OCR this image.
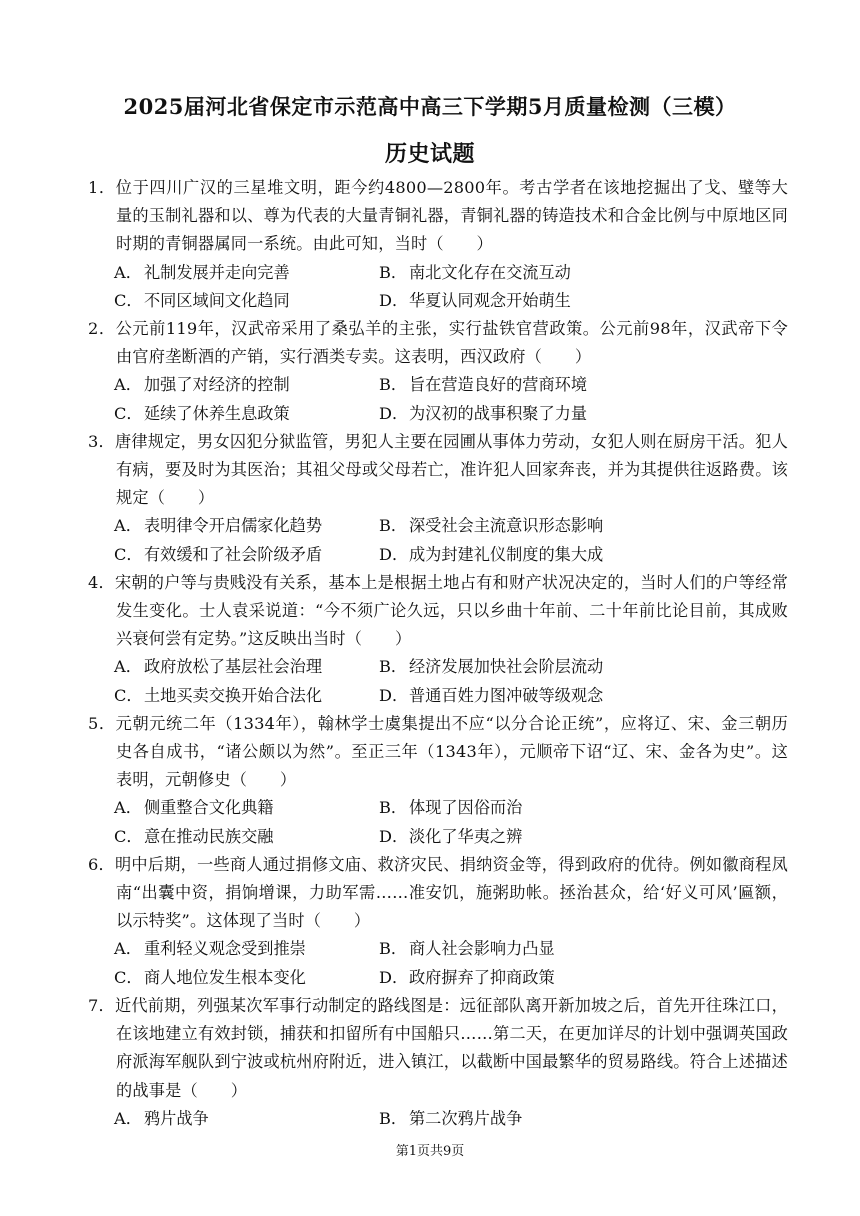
2025届河北省保定市示范高中高三下学期5月质量检测（三模）
历史试题
1．位于四川广汉的三星堆文明，距今约4800—2800年。考古学者在该地挖掘出了戈、璧等大量的玉制礼器和以、尊为代表的大量青铜礼器，青铜礼器的铸造技术和合金比例与中原地区同时期的青铜器属同一系统。由此可知，当时（　　）
A． 礼制发展并走向完善	B． 南北文化存在交流互动
C．不同区域间文化趋同	D．华夏认同观念开始萌生
2．公元前119年，汉武帝采用了桑弘羊的主张，实行盐铁官营政策。公元前98年，汉武帝下令由官府垄断酒的产销，实行酒类专卖。这表明，西汉政府（　　）
A． 加强了对经济的控制	B． 旨在营造良好的营商环境
C．延续了休养生息政策	D．为汉初的战事积聚了力量
3．唐律规定，男女囚犯分狱监管，男犯人主要在园圃从事体力劳动，女犯人则在厨房干活。犯人有病，要及时为其医治；其祖父母或父母若亡，准许犯人回家奔丧，并为其提供往返路费。该规定（　　）
A． 表明律令开启儒家化趋势	B． 深受社会主流意识形态影响
C．有效缓和了社会阶级矛盾	D．成为封建礼仪制度的集大成
4．宋朝的户等与贵贱没有关系，基本上是根据土地占有和财产状况决定的，当时人们的户等经常发生变化。士人袁采说道：“今不须广论久远，只以乡曲十年前、二十年前比论目前，其成败兴衰何尝有定势。”这反映出当时（　　）
A． 政府放松了基层社会治理	B． 经济发展加快社会阶层流动
C．土地买卖交换开始合法化	D．普通百姓力图冲破等级观念
5．元朝元统二年（1334年），翰林学士虞集提出不应“以分合论正统”，应将辽、宋、金三朝历史各自成书，“诸公颇以为然”。至正三年（1343年），元顺帝下诏“辽、宋、金各为史”。这表明，元朝修史（　　）
A． 侧重整合文化典籍	B． 体现了因俗而治
C．意在推动民族交融	D．淡化了华夷之辨
6．明中后期，一些商人通过捐修文庙、救济灾民、捐纳资金等，得到政府的优待。例如徽商程凤南“出囊中资，捐饷增课，力助军需……准安饥，施粥助帐。拯治甚众，给‘好义可风’匾额，以示特奖”。这体现了当时（　　）
A． 重利轻义观念受到推崇	B． 商人社会影响力凸显
C．商人地位发生根本变化	D．政府摒弃了抑商政策
7．近代前期，列强某次军事行动制定的路线图是：远征部队离开新加坡之后，首先开往珠江口，在该地建立有效封锁，捕获和扣留所有中国船只……第二天，在更加详尽的计划中强调英国政府派海军舰队到宁波或杭州府附近，进入镇江，以截断中国最繁华的贸易路线。符合上述描述的战事是（　　）
A． 鸦片战争	B． 第二次鸦片战争
第1页共9页
